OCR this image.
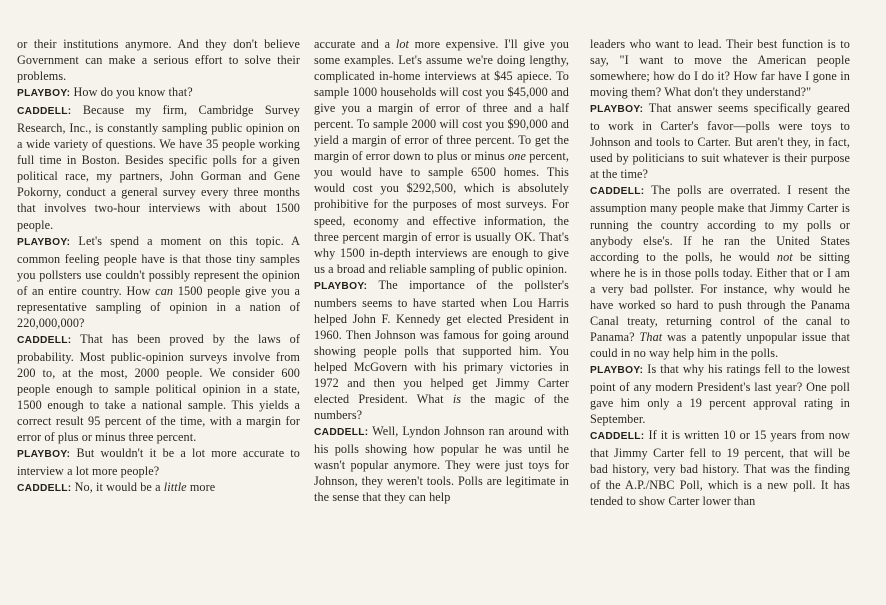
or their institutions anymore. And they don't believe Government can make a serious effort to solve their problems.

PLAYBOY: How do you know that?

CADDELL: Because my firm, Cambridge Survey Research, Inc., is constantly sampling public opinion on a wide variety of questions. We have 35 people working full time in Boston. Besides specific polls for a given political race, my partners, John Gorman and Gene Pokorny, conduct a general survey every three months that involves two-hour interviews with about 1500 people.

PLAYBOY: Let's spend a moment on this topic. A common feeling people have is that those tiny samples you pollsters use couldn't possibly represent the opinion of an entire country. How can 1500 people give you a representative sampling of opinion in a nation of 220,000,000?

CADDELL: That has been proved by the laws of probability. Most public-opinion surveys involve from 200 to, at the most, 2000 people. We consider 600 people enough to sample political opinion in a state, 1500 enough to take a national sample. This yields a correct result 95 percent of the time, with a margin for error of plus or minus three percent.

PLAYBOY: But wouldn't it be a lot more accurate to interview a lot more people?

CADDELL: No, it would be a little more

accurate and a lot more expensive. I'll give you some examples. Let's assume we're doing lengthy, complicated in-home interviews at $45 apiece. To sample 1000 households will cost you $45,000 and give you a margin of error of three and a half percent. To sample 2000 will cost you $90,000 and yield a margin of error of three percent. To get the margin of error down to plus or minus one percent, you would have to sample 6500 homes. This would cost you $292,500, which is absolutely prohibitive for the purposes of most surveys. For speed, economy and effective information, the three percent margin of error is usually OK. That's why 1500 in-depth interviews are enough to give us a broad and reliable sampling of public opinion.

PLAYBOY: The importance of the pollster's numbers seems to have started when Lou Harris helped John F. Kennedy get elected President in 1960. Then Johnson was famous for going around showing people polls that supported him. You helped McGovern with his primary victories in 1972 and then you helped get Jimmy Carter elected President. What is the magic of the numbers?

CADDELL: Well, Lyndon Johnson ran around with his polls showing how popular he was until he wasn't popular anymore. They were just toys for Johnson, they weren't tools. Polls are legitimate in the sense that they can help

leaders who want to lead. Their best function is to say, "I want to move the American people somewhere; how do I do it? How far have I gone in moving them? What don't they understand?"

PLAYBOY: That answer seems specifically geared to work in Carter's favor—polls were toys to Johnson and tools to Carter. But aren't they, in fact, used by politicians to suit whatever is their purpose at the time?

CADDELL: The polls are overrated. I resent the assumption many people make that Jimmy Carter is running the country according to my polls or anybody else's. If he ran the United States according to the polls, he would not be sitting where he is in those polls today. Either that or I am a very bad pollster. For instance, why would he have worked so hard to push through the Panama Canal treaty, returning control of the canal to Panama? That was a patently unpopular issue that could in no way help him in the polls.

PLAYBOY: Is that why his ratings fell to the lowest point of any modern President's last year? One poll gave him only a 19 percent approval rating in September.

CADDELL: If it is written 10 or 15 years from now that Jimmy Carter fell to 19 percent, that will be bad history, very bad history. That was the finding of the A.P./NBC Poll, which is a new poll. It has tended to show Carter lower than
